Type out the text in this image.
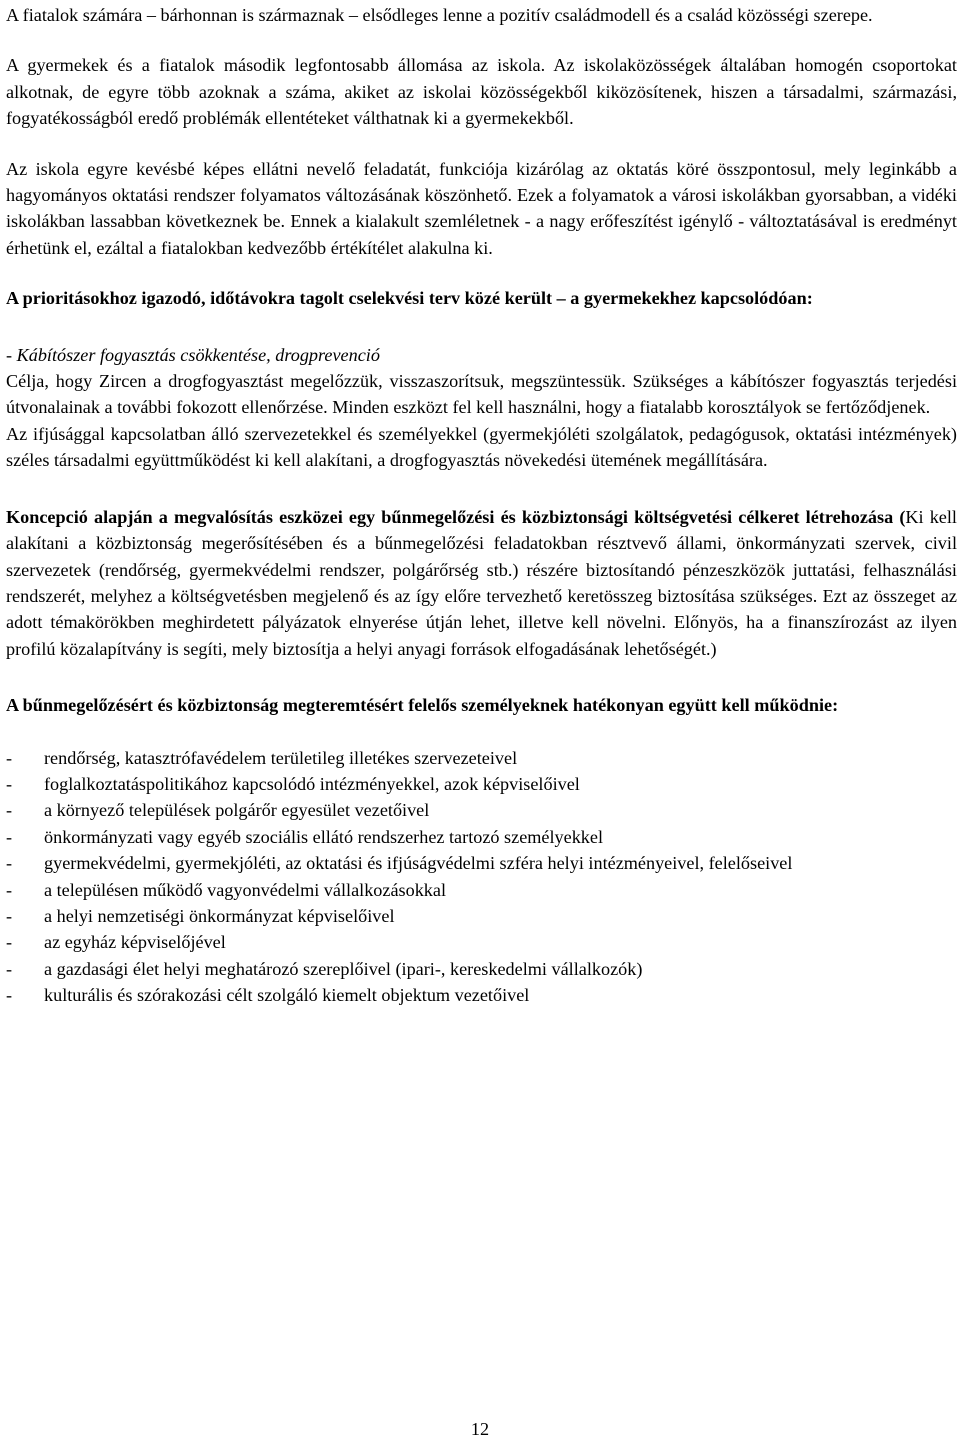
A fiatalok számára – bárhonnan is származnak – elsődleges lenne a pozitív családmodell és a család közösségi szerepe.

A gyermekek és a fiatalok második legfontosabb állomása az iskola. Az iskolaközösségek általában homogén csoportokat alkotnak, de egyre több azoknak a száma, akiket az iskolai közösségekből kiközösítenek, hiszen a társadalmi, származási, fogyatékosságból eredő problémák ellentéteket válthatnak ki a gyermekekből.

Az iskola egyre kevésbé képes ellátni nevelő feladatát, funkciója kizárólag az oktatás köré összpontosul, mely leginkább a hagyományos oktatási rendszer folyamatos változásának köszönhető. Ezek a folyamatok a városi iskolákban gyorsabban, a vidéki iskolákban lassabban következnek be. Ennek a kialakult szemléletnek - a nagy erőfeszítést igénylő - változtatásával is eredményt érhetünk el, ezáltal a fiatalokban kedvezőbb értékítélet alakulna ki.

A prioritásokhoz igazodó, időtávokra tagolt cselekvési terv közé került – a gyermekekhez kapcsolódóan:

- Kábítószer fogyasztás csökkentése, drogprevenció

Célja, hogy Zircen a drogfogyasztást megelőzzük, visszaszorítsuk, megszüntessük. Szükséges a kábítószer fogyasztás terjedési útvonalainak a további fokozott ellenőrzése. Minden eszközt fel kell használni, hogy a fiatalabb korosztályok se fertőződjenek.

Az ifjúsággal kapcsolatban álló szervezetekkel és személyekkel (gyermekjóléti szolgálatok, pedagógusok, oktatási intézmények) széles társadalmi együttműködést ki kell alakítani, a drogfogyasztás növekedési ütemének megállítására.

Koncepció alapján a megvalósítás eszközei egy bűnmegelőzési és közbiztonsági költségvetési célkeret létrehozása (Ki kell alakítani a közbiztonság megerősítésében és a bűnmegelőzési feladatokban résztvevő állami, önkormányzati szervek, civil szervezetek (rendőrség, gyermekvédelmi rendszer, polgárőrség stb.) részére biztosítandó pénzeszközök juttatási, felhasználási rendszerét, melyhez a költségvetésben megjelenő és az így előre tervezhető keretösszeg biztosítása szükséges. Ezt az összeget az adott témakörökben meghirdetett pályázatok elnyerése útján lehet, illetve kell növelni. Előnyös, ha a finanszírozást az ilyen profilú közalapítvány is segíti, mely biztosítja a helyi anyagi források elfogadásának lehetőségét.)

A bűnmegelőzésért és közbiztonság megteremtésért felelős személyeknek hatékonyan együtt kell működnie:

- rendőrség, katasztrófavédelem területileg illetékes szervezeteivel
- foglalkoztatáspolitikához kapcsolódó intézményekkel, azok képviselőivel
- a környező települések polgárőr egyesület vezetőivel
- önkormányzati vagy egyéb szociális ellátó rendszerhez tartozó személyekkel
- gyermekvédelmi, gyermekjóléti, az oktatási és ifjúságvédelmi szféra helyi intézményeivel, felelőseivel
- a településen működő vagyonvédelmi vállalkozásokkal
- a helyi nemzetiségi önkormányzat képviselőivel
- az egyház képviselőjével
- a gazdasági élet helyi meghatározó szereplőivel (ipari-, kereskedelmi vállalkozók)
- kulturális és szórakozási célt szolgáló kiemelt objektum vezetőivel
12
